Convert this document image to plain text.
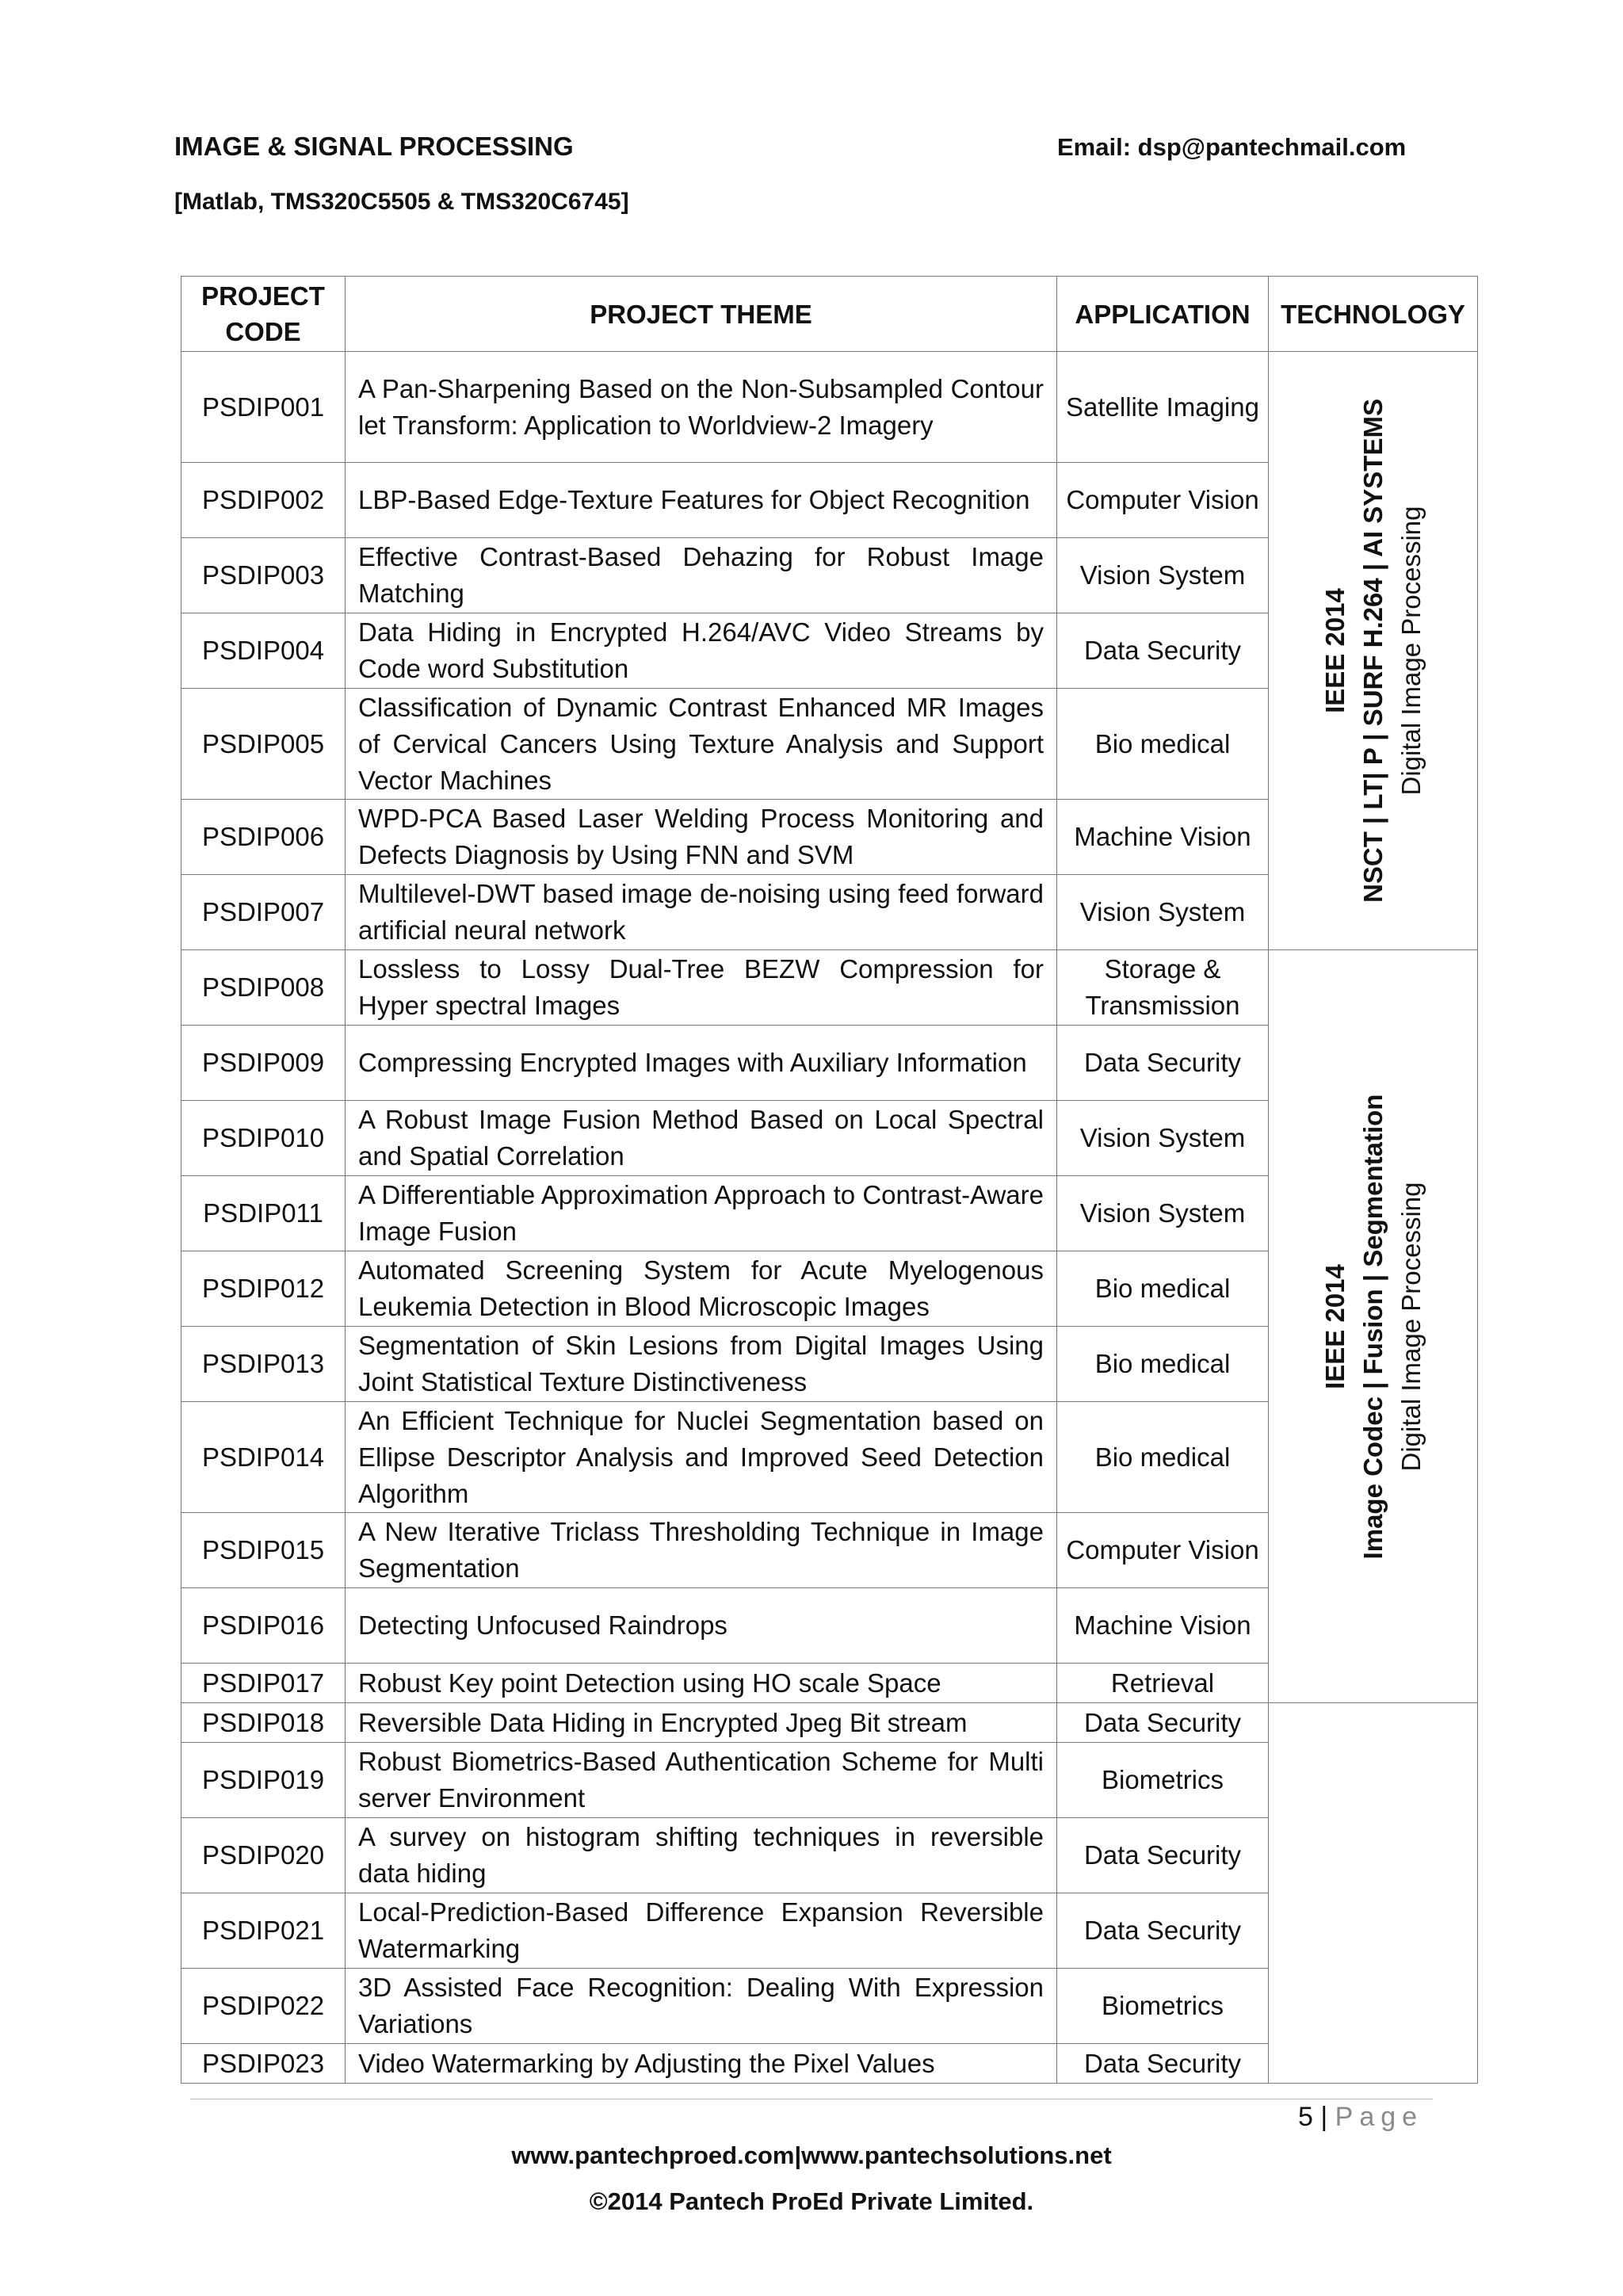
IMAGE & SIGNAL PROCESSING	Email: dsp@pantechmail.com
[Matlab, TMS320C5505 & TMS320C6745]
PROJECT CODE	PROJECT THEME	APPLICATION	TECHNOLOGY
PSDIP001	A Pan-Sharpening Based on the Non-Subsampled Contour let Transform: Application to Worldview-2 Imagery	Satellite Imaging	IEEE 2014 NSCT | LT| P | SURF H.264 | AI SYSTEMS Digital Image Processing

PSDIP002	LBP-Based Edge-Texture Features for Object Recognition	Computer Vision	
PSDIP003	Effective Contrast-Based Dehazing for Robust Image Matching	Vision System	
PSDIP004	Data Hiding in Encrypted H.264/AVC Video Streams by Code word Substitution	Data Security	
PSDIP005	Classification of Dynamic Contrast Enhanced MR Images of Cervical Cancers Using Texture Analysis and Support Vector Machines	Bio medical	
PSDIP006	WPD-PCA Based Laser Welding Process Monitoring and Defects Diagnosis by Using FNN and SVM	Machine Vision	
PSDIP007	Multilevel-DWT based image de-noising using feed forward artificial neural network	Vision System	
PSDIP008	Lossless to Lossy Dual-Tree BEZW Compression for Hyper spectral Images	Storage & Transmission	IEEE 2014 Image Codec | Fusion | Segmentation Digital Image Processing

PSDIP009	Compressing Encrypted Images with Auxiliary Information	Data Security	
PSDIP010	A Robust Image Fusion Method Based on Local Spectral and Spatial Correlation	Vision System	
PSDIP011	A Differentiable Approximation Approach to Contrast-Aware Image Fusion	Vision System	
PSDIP012	Automated Screening System for Acute Myelogenous Leukemia Detection in Blood Microscopic Images	Bio medical	
PSDIP013	Segmentation of Skin Lesions from Digital Images Using Joint Statistical Texture Distinctiveness	Bio medical	
PSDIP014	An Efficient Technique for Nuclei Segmentation based on Ellipse Descriptor Analysis and Improved Seed Detection Algorithm	Bio medical	
PSDIP015	A New Iterative Triclass Thresholding Technique in Image Segmentation	Computer Vision	
PSDIP016	Detecting Unfocused Raindrops	Machine Vision	
PSDIP017	Robust Key point Detection using HO scale Space	Retrieval	
PSDIP018	Reversible Data Hiding in Encrypted Jpeg Bit stream	Data Security	
PSDIP019	Robust Biometrics-Based Authentication Scheme for Multi server Environment	Biometrics	
PSDIP020	A survey on histogram shifting techniques in reversible data hiding	Data Security	
PSDIP021	Local-Prediction-Based Difference Expansion Reversible Watermarking	Data Security	
PSDIP022	3D Assisted Face Recognition: Dealing With Expression Variations	Biometrics	
PSDIP023	Video Watermarking by Adjusting the Pixel Values	Data Security	
5 | Page
www.pantechproed.com|www.pantechsolutions.net
©2014 Pantech ProEd Private Limited.
